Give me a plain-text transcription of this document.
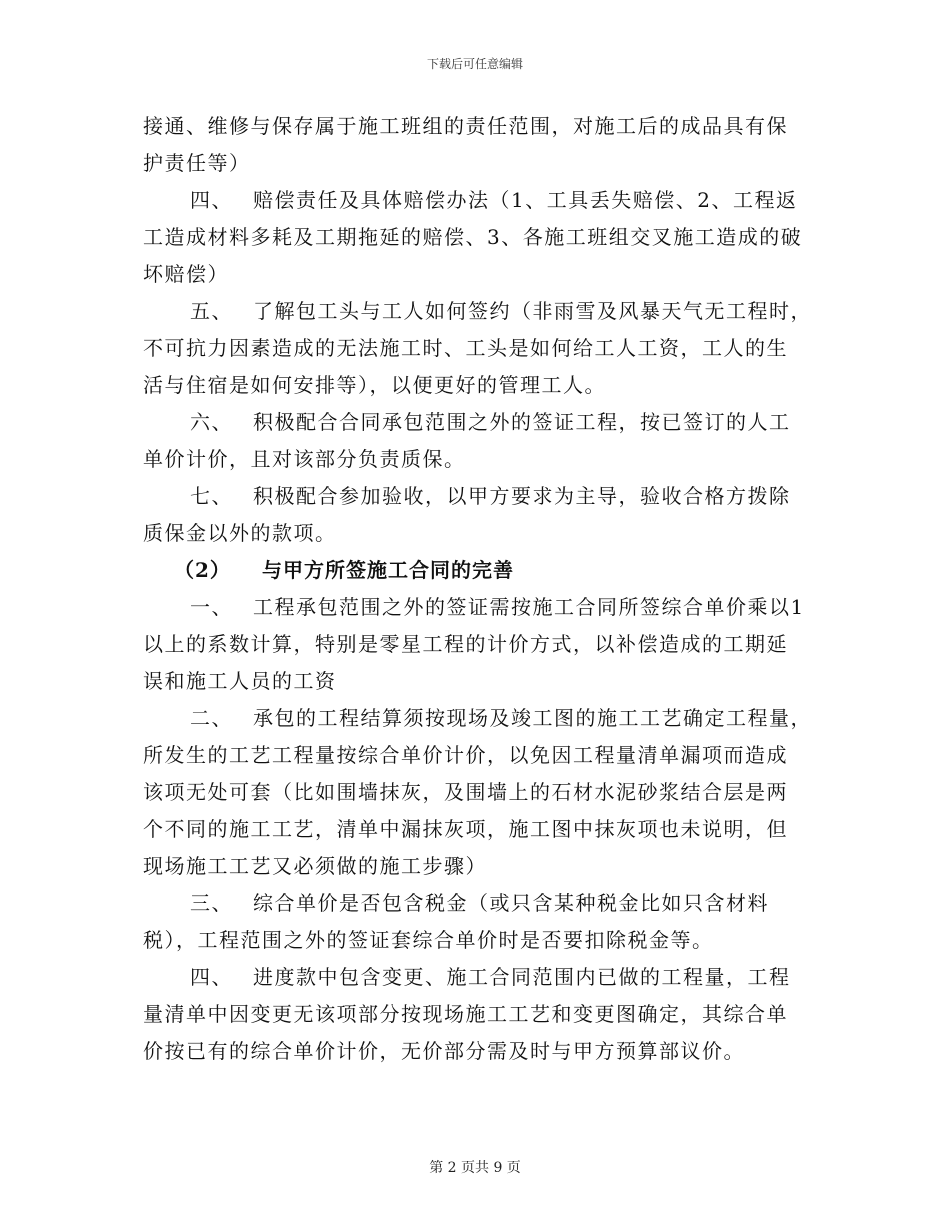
下载后可任意编辑
接通、维修与保存属于施工班组的责任范围，对施工后的成品具有保
护责任等）
四、 赔偿责任及具体赔偿办法（1、工具丢失赔偿、2、工程返
工造成材料多耗及工期拖延的赔偿、3、各施工班组交叉施工造成的破
坏赔偿）
五、 了解包工头与工人如何签约（非雨雪及风暴天气无工程时，
不可抗力因素造成的无法施工时、工头是如何给工人工资，工人的生
活与住宿是如何安排等），以便更好的管理工人。
六、 积极配合合同承包范围之外的签证工程，按已签订的人工
单价计价，且对该部分负责质保。
七、 积极配合参加验收，以甲方要求为主导，验收合格方拨除
质保金以外的款项。
（2） 与甲方所签施工合同的完善
一、 工程承包范围之外的签证需按施工合同所签综合单价乘以1
以上的系数计算，特别是零星工程的计价方式，以补偿造成的工期延
误和施工人员的工资
二、 承包的工程结算须按现场及竣工图的施工工艺确定工程量，
所发生的工艺工程量按综合单价计价，以免因工程量清单漏项而造成
该项无处可套（比如围墙抹灰，及围墙上的石材水泥砂浆结合层是两
个不同的施工工艺，清单中漏抹灰项，施工图中抹灰项也未说明，但
现场施工工艺又必须做的施工步骤）
三、 综合单价是否包含税金（或只含某种税金比如只含材料
税），工程范围之外的签证套综合单价时是否要扣除税金等。
四、 进度款中包含变更、施工合同范围内已做的工程量，工程
量清单中因变更无该项部分按现场施工工艺和变更图确定，其综合单
价按已有的综合单价计价，无价部分需及时与甲方预算部议价。
第 2 页共 9 页
